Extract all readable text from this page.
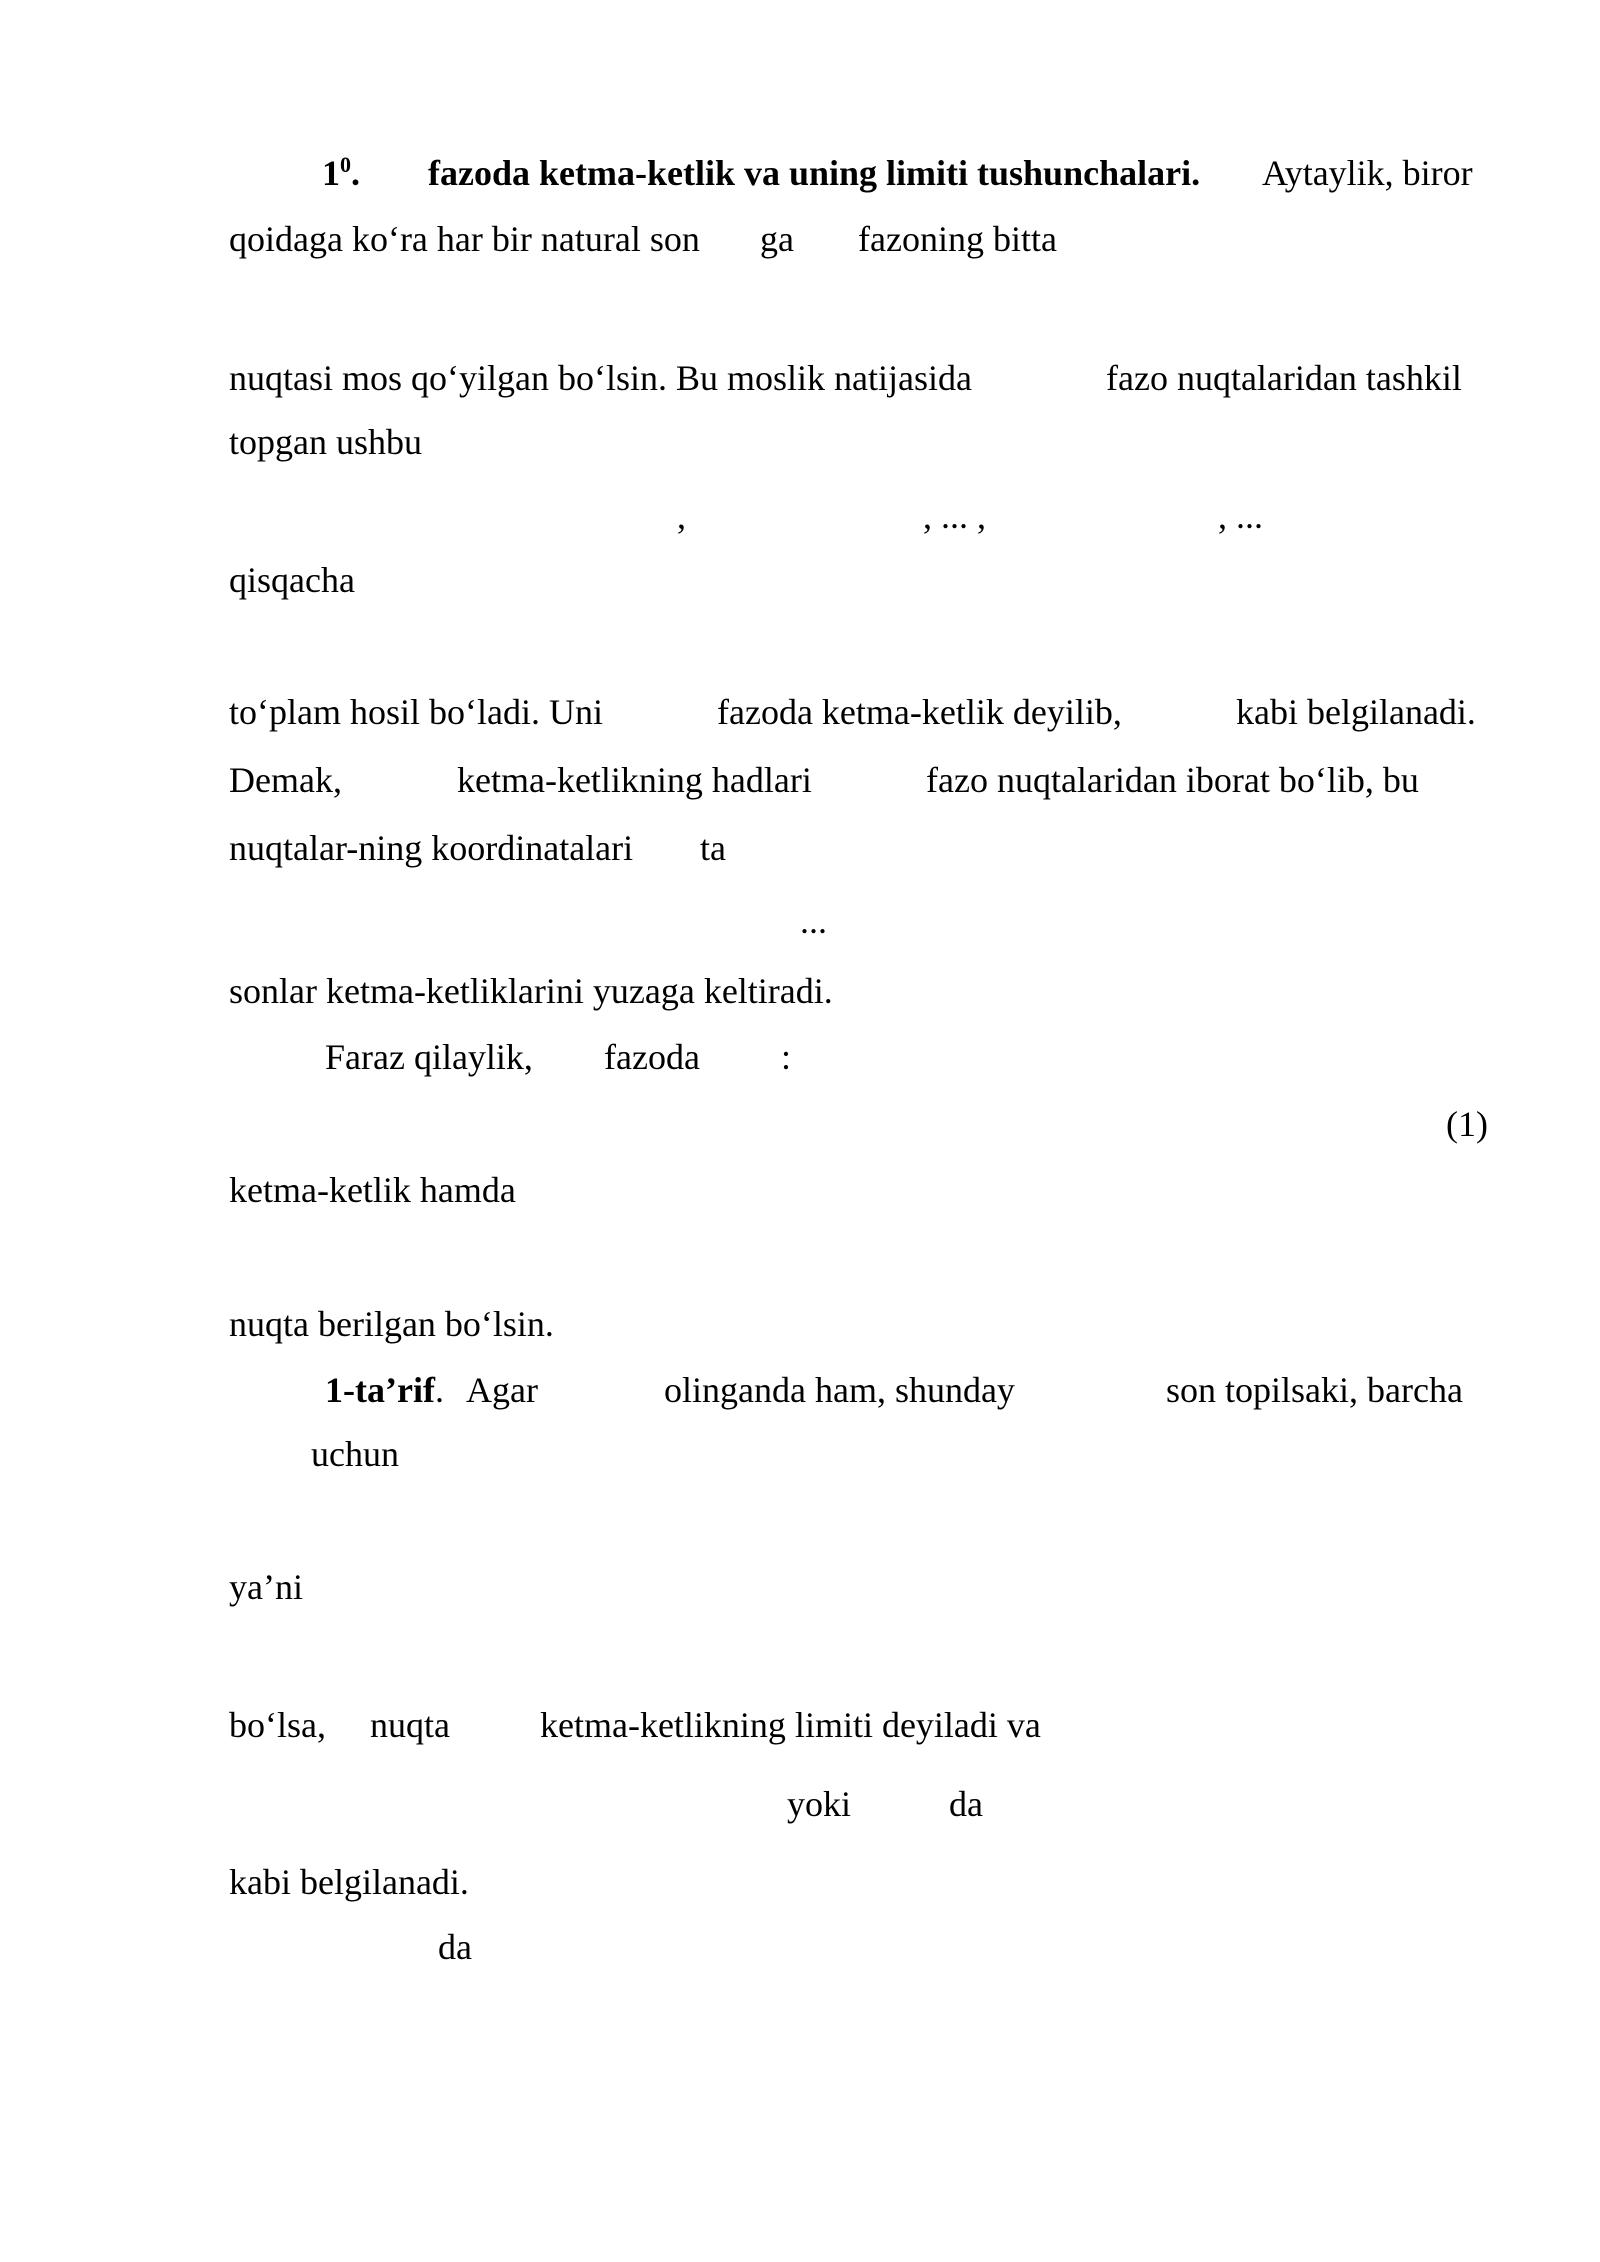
$1^0$. fazoda ketma-ketlik va uning limiti tushunchalari. Aytaylik, biror
qoidaga ko‘ra har bir natural son ga fazoning bitta
nuqtasi mos qo‘yilgan bo‘lsin. Bu moslik natijasida	fazo nuqtalaridan tashkil
topgan ushbu
,	, ... ,	, ...
qisqacha
to‘plam hosil bo‘ladi. Uni	fazoda ketma-ketlik deyilib,	kabi belgilanadi.
Demak,	ketma-ketlikning hadlari	fazo nuqtalaridan iborat bo‘lib, bu
nuqtalar-ning koordinatalari ta
...
sonlar ketma-ketliklarini yuzaga keltiradi.
Faraz qilaylik, fazoda :
(1)
ketma-ketlik hamda
nuqta berilgan bo‘lsin.
1-ta’rif. Agar	olinganda ham, shunday	son topilsaki, barcha
uchun
ya’ni
bo‘lsa, nuqta	ketma-ketlikning limiti deyiladi va
yoki	da
kabi belgilanadi.
da
